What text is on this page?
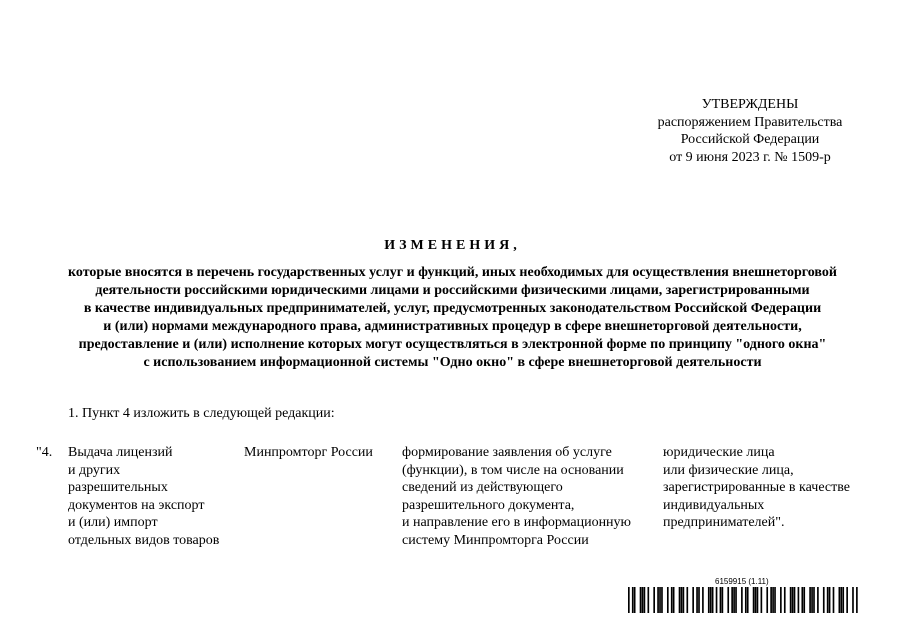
УТВЕРЖДЕНЫ
распоряжением Правительства
Российской Федерации
от 9 июня 2023 г. № 1509-р
ИЗМЕНЕНИЯ,
которые вносятся в перечень государственных услуг и функций, иных необходимых для осуществления внешнеторговой
деятельности российскими юридическими лицами и российскими физическими лицами, зарегистрированными
в качестве индивидуальных предпринимателей, услуг, предусмотренных законодательством Российской Федерации
и (или) нормами международного права, административных процедур в сфере внешнеторговой деятельности,
предоставление и (или) исполнение которых могут осуществляться в электронной форме по принципу "одного окна"
с использованием информационной системы "Одно окно" в сфере внешнеторговой деятельности
1. Пункт 4 изложить в следующей редакции:
"4. Выдача лицензий
и других
разрешительных
документов на экспорт
и (или) импорт
отдельных видов товаров
Минпромторг России формирование заявления об услуге
(функции), в том числе на основании
сведений из действующего
разрешительного документа,
и направление его в информационную
систему Минпромторга России
юридические лица
или физические лица,
зарегистрированные в качестве
индивидуальных
предпринимателей".
6159915 (1.11)
